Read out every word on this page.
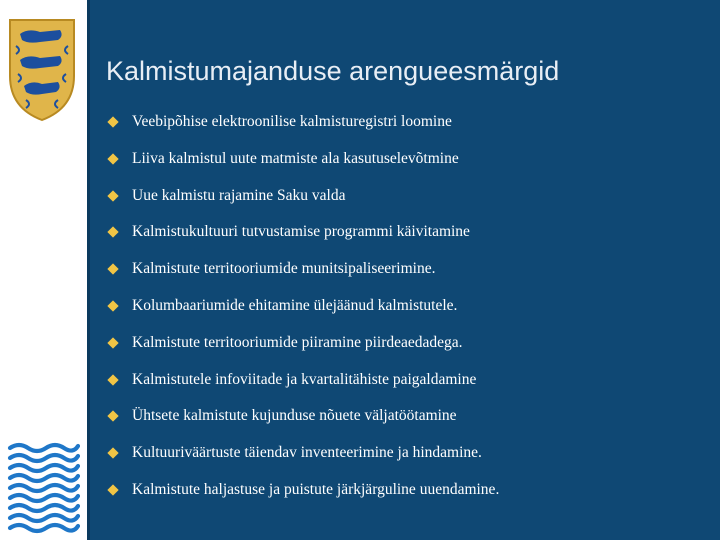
Kalmistumajanduse arengueesmärgid
Veebipõhise elektroonilise kalmisturegistri loomine
Liiva kalmistul uute matmiste ala kasutuselevõtmine
Uue kalmistu rajamine Saku valda
Kalmistukultuuri tutvustamise programmi käivitamine
Kalmistute territooriumide munitsipaliseerimine.
Kolumbaariumide ehitamine ülejäänud kalmistutele.
Kalmistute territooriumide piiramine piirdeaedadega.
Kalmistutele infoviitade ja kvartalitähiste paigaldamine
Ühtsete kalmistute kujunduse nõuete väljatöötamine
Kultuuriväärtuste täiendav inventeerimine ja hindamine.
Kalmistute haljastuse ja puistute järkjärguline uuendamine.
